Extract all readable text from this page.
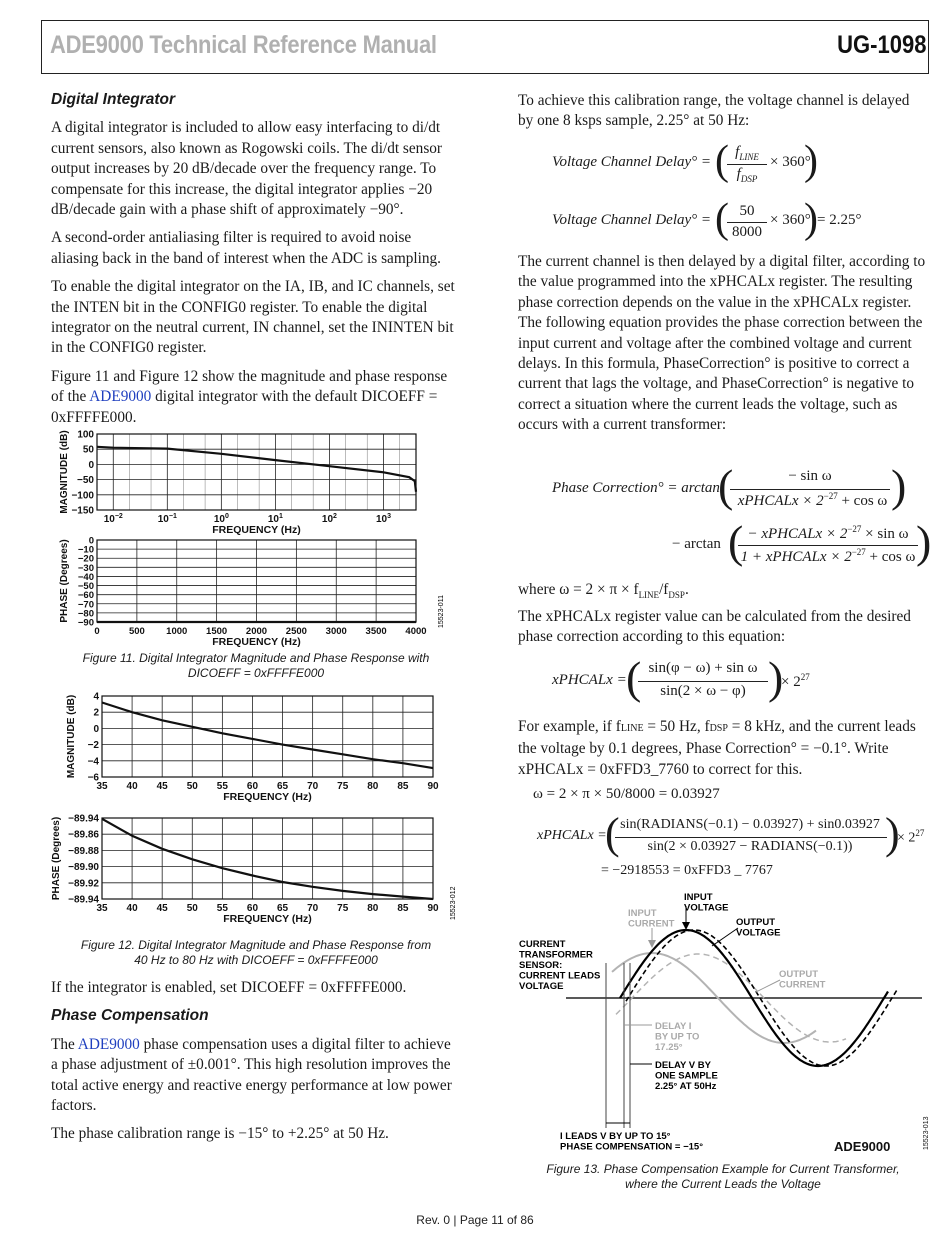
ADE9000 Technical Reference Manual	UG-1098
Digital Integrator

A digital integrator is included to allow easy interfacing to di/dt current sensors, also known as Rogowski coils. The di/dt sensor output increases by 20 dB/decade over the frequency range. To compensate for this increase, the digital integrator applies −20 dB/decade gain with a phase shift of approximately −90°.

A second-order antialiasing filter is required to avoid noise aliasing back in the band of interest when the ADC is sampling.

To enable the digital integrator on the IA, IB, and IC channels, set the INTEN bit in the CONFIG0 register. To enable the digital integrator on the neutral current, IN channel, set the ININTEN bit in the CONFIG0 register.

Figure 11 and Figure 12 show the magnitude and phase response of the ADE9000 digital integrator with the default DICOEFF = 0xFFFFE000.

100
50
0
−50
−100
−150
$10^{-2}$	$10^{-1}$	$10^0$	$10^1$	$10^2$	$10^3$
FREQUENCY (Hz)
MAGNITUDE (dB)
0
−10
−20
−30
−40
−50
−60
−70
−80
−90
0	500 1000 1500 2000 2500 3000 3500 4000
FREQUENCY (Hz)
PHASE (Degrees)	15523-011
Figure 11. Digital Integrator Magnitude and Phase Response with
DICOEFF = 0xFFFFE000
4
2
0
−2
−4
−6
35 40 45 50 55 60 65 70 75 80 85 90
FREQUENCY (Hz)
MAGNITUDE (dB)
−89.94
−89.86
−89.88
−89.90
−89.92
−89.94
35 40 45 50 55 60 65 70 75 80 85 90
FREQUENCY (Hz)
PHASE (Degrees)
15523-012
Figure 12. Digital Integrator Magnitude and Phase Response from
40 Hz to 80 Hz with DICOEFF = 0xFFFFE000

If the integrator is enabled, set DICOEFF = 0xFFFFE000.

Phase Compensation

The ADE9000 phase compensation uses a digital filter to achieve a phase adjustment of ±0.001°. This high resolution improves the total active energy and reactive energy performance at low power factors.

The phase calibration range is −15° to +2.25° at 50 Hz.

To achieve this calibration range, the voltage channel is delayed by one 8 ksps sample, 2.25° at 50 Hz:
Voltage Channel Delay° = ( $f_{LINE}$
$f_{DSP}$
× 360°
)
Voltage Channel Delay° = ( 50
8000
× 360°
) = 2.25°
The current channel is then delayed by a digital filter, according to the value programmed into the xPHCALx register. The resulting phase correction depends on the value in the xPHCALx register. The following equation provides the phase correction between the input current and voltage after the combined voltage and current delays. In this formula, PhaseCorrection° is positive to correct a current that lags the voltage, and PhaseCorrection° is negative to correct a situation where the current leads the voltage, such as occurs with a current transformer:
Phase Correction° = arctan
(	− sin ω
xPHCALx × $2^{-27} + \cos \omega$ )
− arctan ( − xPHCALx × $2^{-27} \times \sin \omega$
1 + xPHCALx × $2^{-27} + \cos \omega$ )
where $\omega = 2 \times \pi \times f_{LINE}/f_{DSP}$.
The xPHCALx register value can be calculated from the desired phase correction according to this equation:
xPHCALx = ( sin(φ − ω) + sin ω
sin(2 × ω − φ) )
× $2^{27}$
For example, if fLINE = 50 Hz, fDSP = 8 kHz, and the current leads the voltage by 0.1 degrees, Phase Correction° = −0.1°. Write xPHCALx = 0xFFD3_7760 to correct for this.
ω = 2 × π × 50/8000 = 0.03927
xPHCALx =
( sin(RADIANS(−0.1) − 0.03927) + sin0.03927
sin(2 × 0.03927 − RADIANS(−0.1)) )
× $2^{27}$
= −2918553 = 0xFFD3 _ 7767
INPUT
VOLTAGE
INPUT
CURRENT	OUTPUT
VOLTAGE
OUTPUT
CURRENT
CURRENT
TRANSFORMER
SENSOR:
CURRENT LEADS
VOLTAGE
DELAY I
BY UP TO
17.25°
DELAY V BY
ONE SAMPLE
2.25° AT 50Hz
I LEADS V BY UP TO 15°
PHASE COMPENSATION = −15°	ADE9000	15523-013
Figure 13. Phase Compensation Example for Current Transformer,
where the Current Leads the Voltage
Rev. 0 | Page 11 of 86
